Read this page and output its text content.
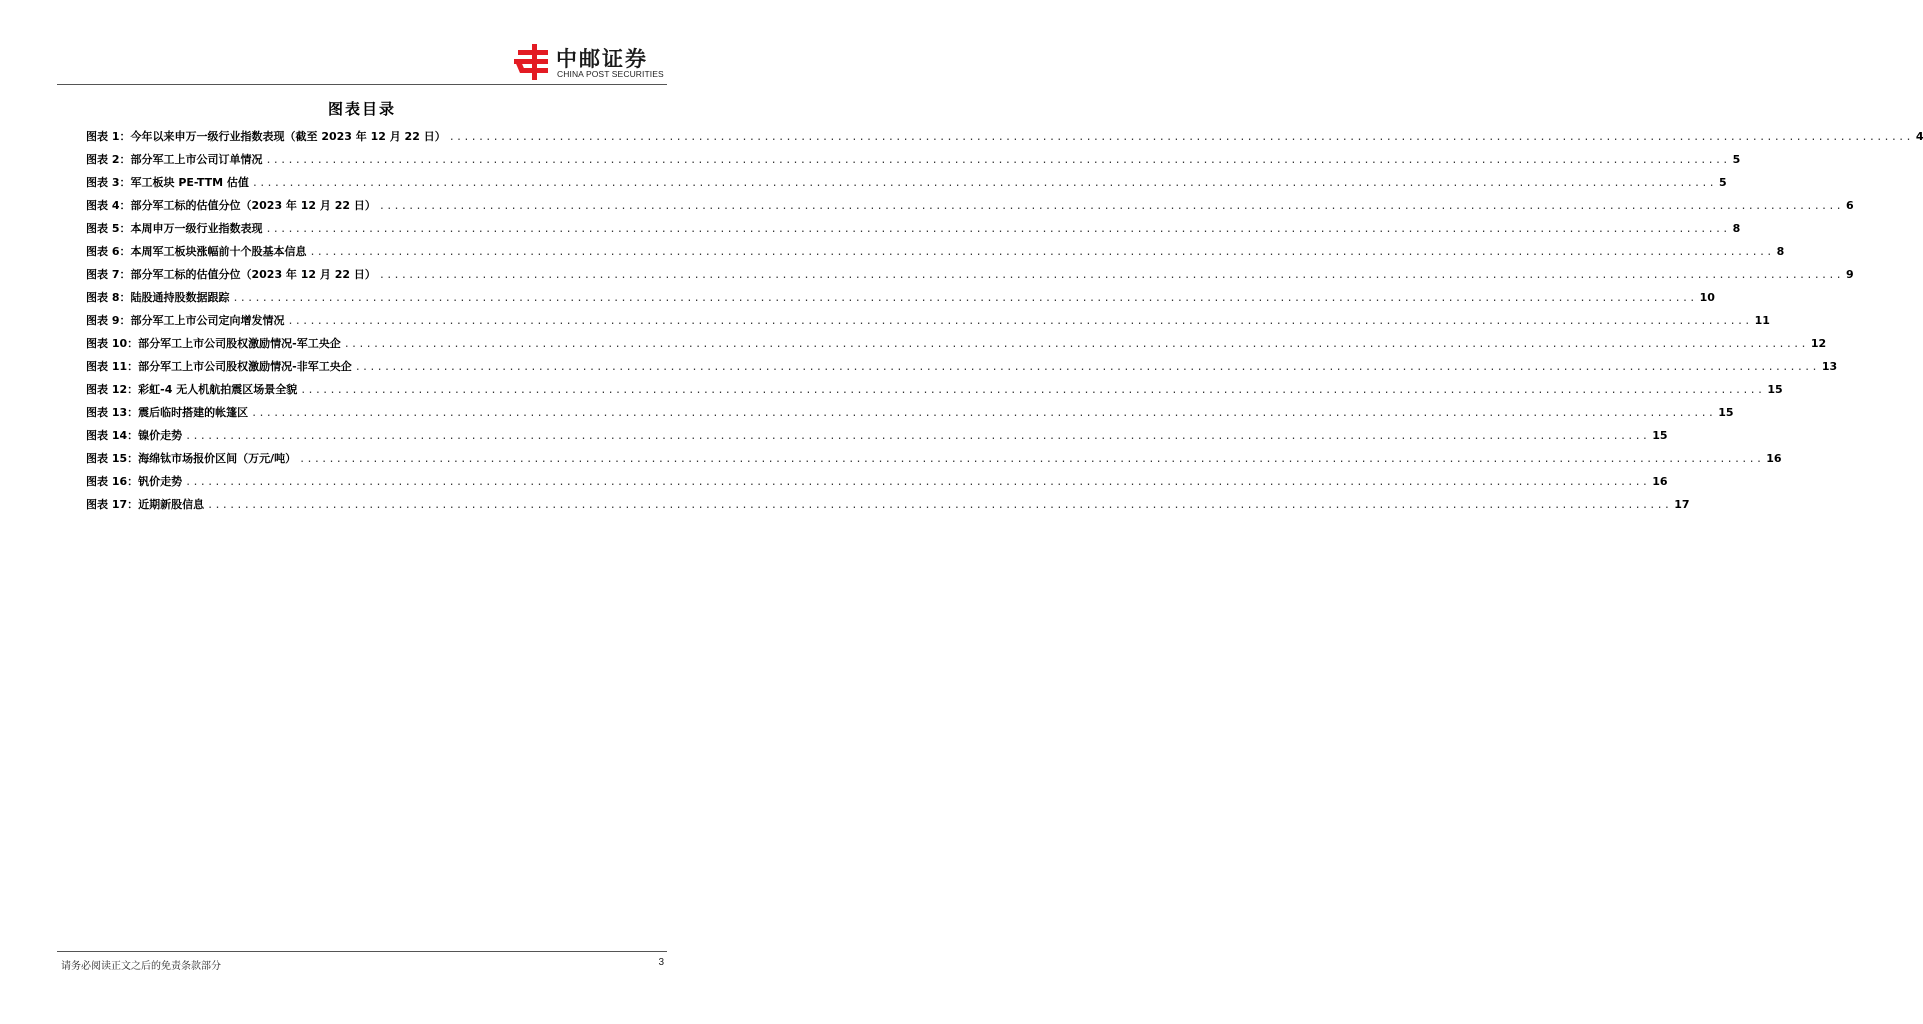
中邮证券
CHINA POST SECURITIES
图表目录
图表 1： 今年以来申万一级行业指数表现（截至 2023 年 12 月 22 日） ........................................................................................................................................................................................................ 4
图表 2： 部分军工上市公司订单情况 ........................................................................................................................................................................................................ 5
图表 3： 军工板块 PE-TTM 估值 ........................................................................................................................................................................................................ 5
图表 4： 部分军工标的估值分位（2023 年 12 月 22 日） ........................................................................................................................................................................................................ 6
图表 5： 本周申万一级行业指数表现 ........................................................................................................................................................................................................ 8
图表 6： 本周军工板块涨幅前十个股基本信息 ........................................................................................................................................................................................................ 8
图表 7： 部分军工标的估值分位（2023 年 12 月 22 日） ........................................................................................................................................................................................................ 9
图表 8： 陆股通持股数据跟踪 ........................................................................................................................................................................................................ 10
图表 9： 部分军工上市公司定向增发情况 ........................................................................................................................................................................................................ 11
图表 10： 部分军工上市公司股权激励情况-军工央企 ........................................................................................................................................................................................................ 12
图表 11： 部分军工上市公司股权激励情况-非军工央企 ........................................................................................................................................................................................................ 13
图表 12： 彩虹-4 无人机航拍震区场景全貌 ........................................................................................................................................................................................................ 15
图表 13： 震后临时搭建的帐篷区 ........................................................................................................................................................................................................ 15
图表 14： 镍价走势 ........................................................................................................................................................................................................ 15
图表 15： 海绵钛市场报价区间（万元/吨） ........................................................................................................................................................................................................ 16
图表 16： 钒价走势 ........................................................................................................................................................................................................ 16
图表 17： 近期新股信息 ........................................................................................................................................................................................................ 17
请务必阅读正文之后的免责条款部分	3
